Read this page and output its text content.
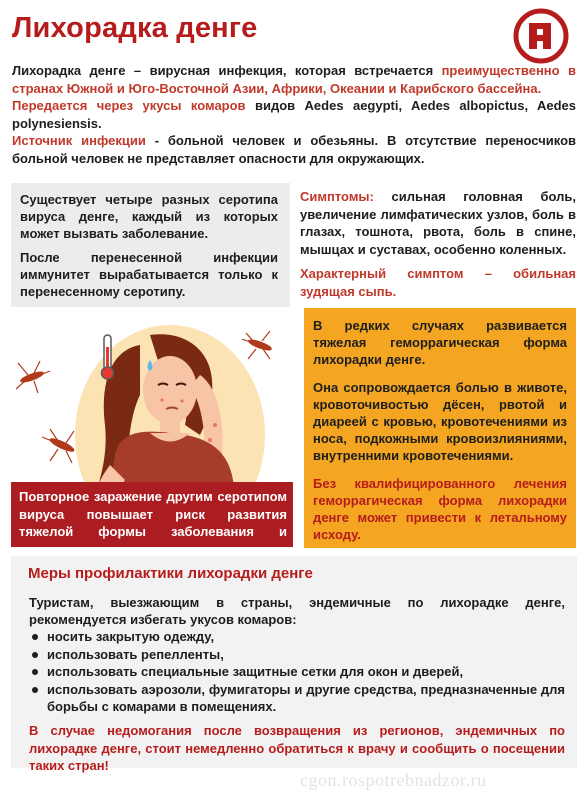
Лихорадка денге

Лихорадка денге – вирусная инфекция, которая встречается преимущественно в странах Южной и Юго-Восточной Азии, Африки, Океании и Карибского бассейна.

Передается через укусы комаров видов Aedes aegypti, Aedes albopictus, Aedes polynesiensis.

Источник инфекции - больной человек и обезьяны. В отсутствие переносчиков больной человек не представляет опасности для окружающих.

Существует четыре разных серотипа вируса денге, каждый из которых может вызвать заболевание.

После перенесенной инфекции иммунитет вырабатывается только к перенесенному серотипу.

Симптомы: сильная головная боль, увеличение лимфатических узлов, боль в глазах, тошнота, рвота, боль в спине, мышцах и суставах, особенно коленных.

Характерный симптом – обильная зудящая сыпь.

Повторное заражение другим серотипом вируса повышает риск развития тяжелой формы заболевания и летального исхода

В редких случаях развивается тяжелая геморрагическая форма лихорадки денге.

Она сопровождается болью в животе, кровоточивостью дёсен, рвотой и диареей с кровью, кровотечениями из носа, подкожными кровоизлияниями, внутренними кровотечениями.

Без квалифицированного лечения геморрагическая форма лихорадки денге может привести к летальному исходу.

Меры профилактики лихорадки денге
Туристам, выезжающим в страны, эндемичные по лихорадке денге, рекомендуется избегать укусов комаров:
носить закрытую одежду,
использовать репелленты,
использовать специальные защитные сетки для окон и дверей,
использовать аэрозоли, фумигаторы и другие средства, предназначенные для борьбы с комарами в помещениях.
В случае недомогания после возвращения из регионов, эндемичных по лихорадке денге, стоит немедленно обратиться к врачу и сообщить о посещении таких стран!
cgon.rospotrebnadzor.ru
